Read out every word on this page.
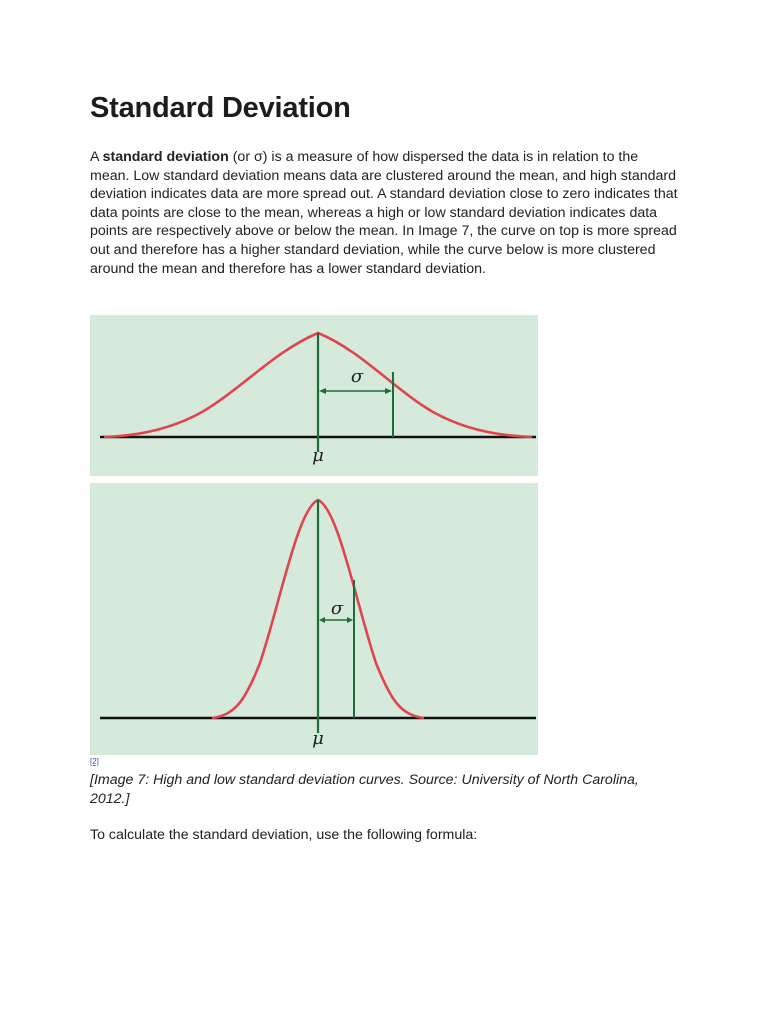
Standard Deviation

A standard deviation (or σ) is a measure of how dispersed the data is in relation to the mean. Low standard deviation means data are clustered around the mean, and high standard deviation indicates data are more spread out. A standard deviation close to zero indicates that data points are close to the mean, whereas a high or low standard deviation indicates data points are respectively above or below the mean. In Image 7, the curve on top is more spread out and therefore has a higher standard deviation, while the curve below is more clustered around the mean and therefore has a lower standard deviation.

σ
μ
σ
μ
[2]

[Image 7: High and low standard deviation curves. Source: University of North Carolina, 2012.]

To calculate the standard deviation, use the following formula:
